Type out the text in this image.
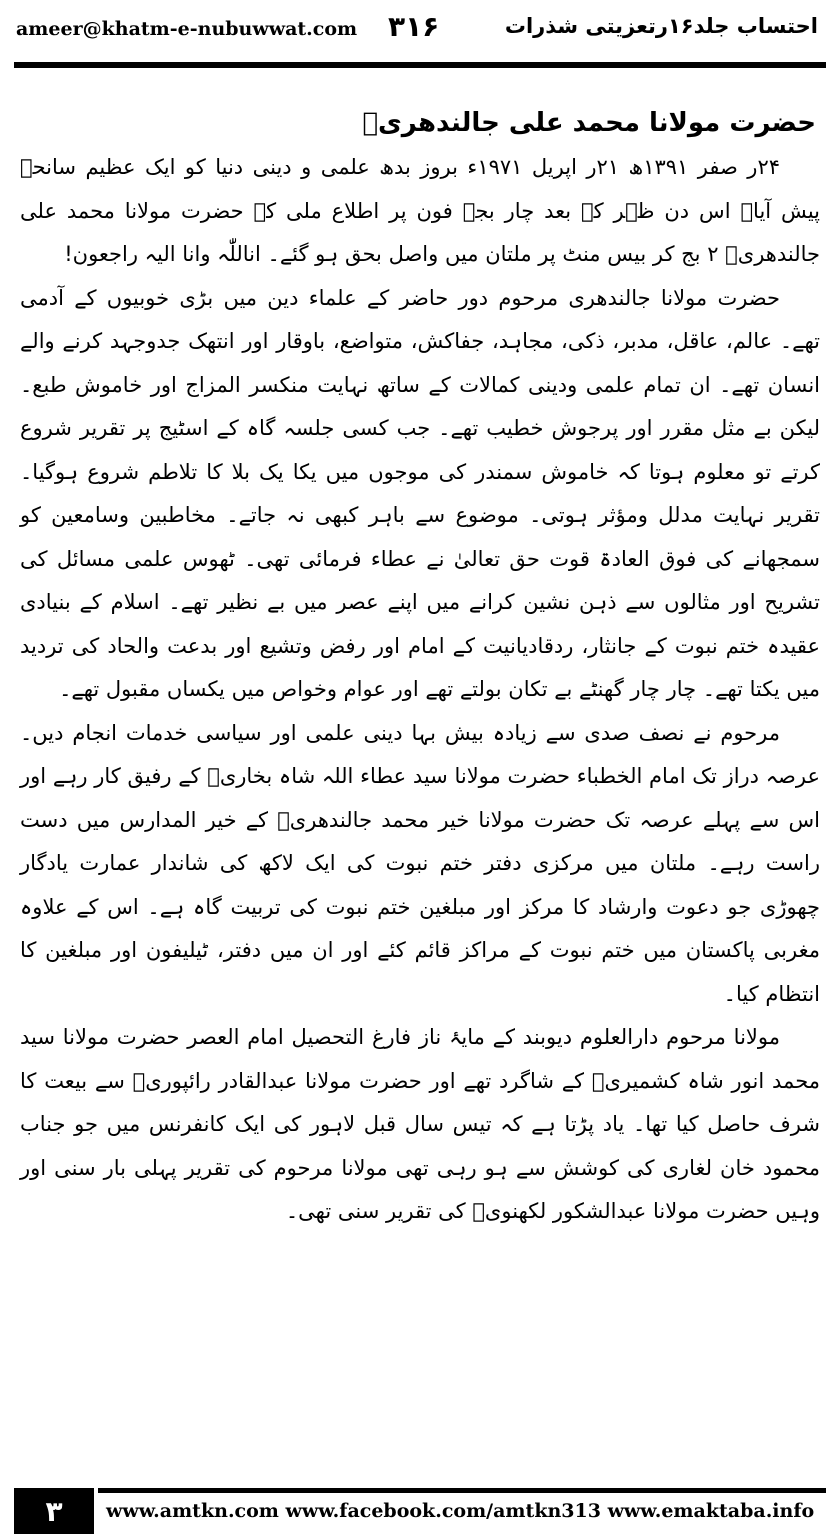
ameer@khatm-e-nubuwwat.com ۳۱۶	احتساب جلد۱۶رتعزیتی شذرات
حضرت مولانا محمد علی جالندھریؒ

۲۴ر صفر ۱۳۹۱ھ ۲۱ر اپریل ۱۹۷۱ء بروز بدھ علمی و دینی دنیا کو ایک عظیم سانحہ پیش آیا۔ اس دن ظہر کے بعد چار بجے فون پر اطلاع ملی کہ حضرت مولانا محمد علی جالندھریؒ ۲ بج کر بیس منٹ پر ملتان میں واصل بحق ہو گئے۔ اناللّٰہ وانا الیہ راجعون!

حضرت مولانا جالندھری مرحوم دور حاضر کے علماء دین میں بڑی خوبیوں کے آدمی تھے۔ عالم، عاقل، مدبر، ذکی، مجاہد، جفاکش، متواضع، باوقار اور انتھک جدوجہد کرنے والے انسان تھے۔ ان تمام علمی ودینی کمالات کے ساتھ نہایت منکسر المزاج اور خاموش طبع۔ لیکن بے مثل مقرر اور پرجوش خطیب تھے۔ جب کسی جلسہ گاہ کے اسٹیج پر تقریر شروع کرتے تو معلوم ہوتا کہ خاموش سمندر کی موجوں میں یکا یک بلا کا تلاطم شروع ہوگیا۔ تقریر نہایت مدلل ومؤثر ہوتی۔ موضوع سے باہر کبھی نہ جاتے۔ مخاطبین وسامعین کو سمجھانے کی فوق العادۃ قوت حق تعالیٰ نے عطاء فرمائی تھی۔ ٹھوس علمی مسائل کی تشریح اور مثالوں سے ذہن نشین کرانے میں اپنے عصر میں بے نظیر تھے۔ اسلام کے بنیادی عقیدہ ختم نبوت کے جانثار، ردقادیانیت کے امام اور رفض وتشیع اور بدعت والحاد کی تردید میں یکتا تھے۔ چار چار گھنٹے بے تکان بولتے تھے اور عوام وخواص میں یکساں مقبول تھے۔

مرحوم نے نصف صدی سے زیادہ بیش بہا دینی علمی اور سیاسی خدمات انجام دیں۔ عرصہ دراز تک امام الخطباء حضرت مولانا سید عطاء اللہ شاہ بخاریؒ کے رفیق کار رہے اور اس سے پہلے عرصہ تک حضرت مولانا خیر محمد جالندھریؒ کے خیر المدارس میں دست راست رہے۔ ملتان میں مرکزی دفتر ختم نبوت کی ایک لاکھ کی شاندار عمارت یادگار چھوڑی جو دعوت وارشاد کا مرکز اور مبلغین ختم نبوت کی تربیت گاہ ہے۔ اس کے علاوہ مغربی پاکستان میں ختم نبوت کے مراکز قائم کئے اور ان میں دفتر، ٹیلیفون اور مبلغین کا انتظام کیا۔

مولانا مرحوم دارالعلوم دیوبند کے مایۂ ناز فارغ التحصیل امام العصر حضرت مولانا سید محمد انور شاہ کشمیریؒ کے شاگرد تھے اور حضرت مولانا عبدالقادر رائپوریؒ سے بیعت کا شرف حاصل کیا تھا۔ یاد پڑتا ہے کہ تیس سال قبل لاہور کی ایک کانفرنس میں جو جناب محمود خان لغاری کی کوشش سے ہو رہی تھی مولانا مرحوم کی تقریر پہلی بار سنی اور وہیں حضرت مولانا عبدالشکور لکھنویؒ کی تقریر سنی تھی۔

۳	www.amtkn.com www.facebook.com/amtkn313 www.emaktaba.info
